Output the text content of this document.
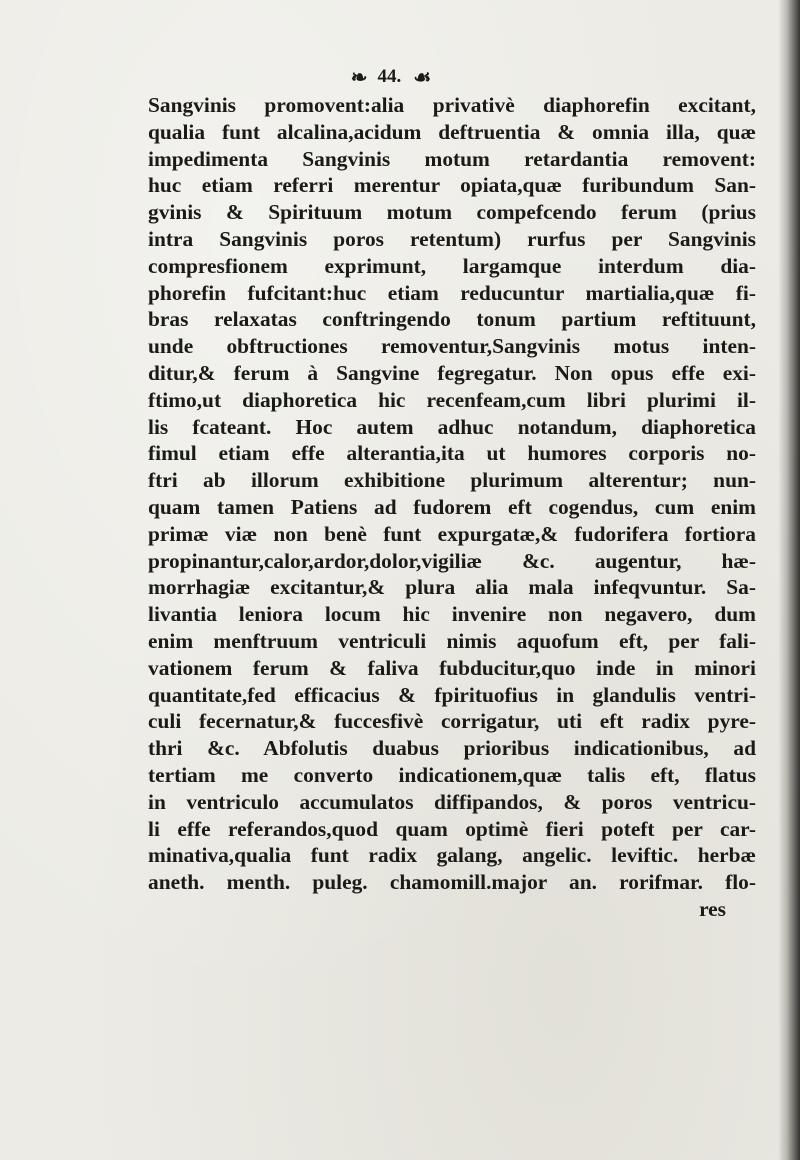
❧ 44. ☙
Sangvinis promovent:alia privativè diaphorefin excitant,
qualia funt alcalina,acidum deftruentia & omnia illa, quæ
impedimenta Sangvinis motum retardantia removent:
huc etiam referri merentur opiata,quæ furibundum San-
gvinis & Spirituum motum compefcendo ferum (prius
intra Sangvinis poros retentum) rurfus per Sangvinis
compresfionem exprimunt, largamque interdum dia-
phorefin fufcitant:huc etiam reducuntur martialia,quæ fi-
bras relaxatas conftringendo tonum partium reftituunt,
unde obftructiones removentur,Sangvinis motus inten-
ditur,& ferum à Sangvine fegregatur. Non opus effe exi-
ftimo,ut diaphoretica hic recenfeam,cum libri plurimi il-
lis fcateant. Hoc autem adhuc notandum, diaphoretica
fimul etiam effe alterantia,ita ut humores corporis no-
ftri ab illorum exhibitione plurimum alterentur; nun-
quam tamen Patiens ad fudorem eft cogendus, cum enim
primæ viæ non benè funt expurgatæ,& fudorifera fortiora
propinantur,calor,ardor,dolor,vigiliæ &c. augentur, hæ-
morrhagiæ excitantur,& plura alia mala infeqvuntur. Sa-
livantia leniora locum hic invenire non negavero, dum
enim menftruum ventriculi nimis aquofum eft, per fali-
vationem ferum & faliva fubducitur,quo inde in minori
quantitate,fed efficacius & fpirituofius in glandulis ventri-
culi fecernatur,& fuccesfivè corrigatur, uti eft radix pyre-
thri &c. Abfolutis duabus prioribus indicationibus, ad
tertiam me converto indicationem,quæ talis eft, flatus
in ventriculo accumulatos diffipandos, & poros ventricu-
li effe referandos,quod quam optimè fieri poteft per car-
minativa,qualia funt radix galang, angelic. leviftic. herbæ
aneth. menth. puleg. chamomill.major an. rorifmar. flo-
res
